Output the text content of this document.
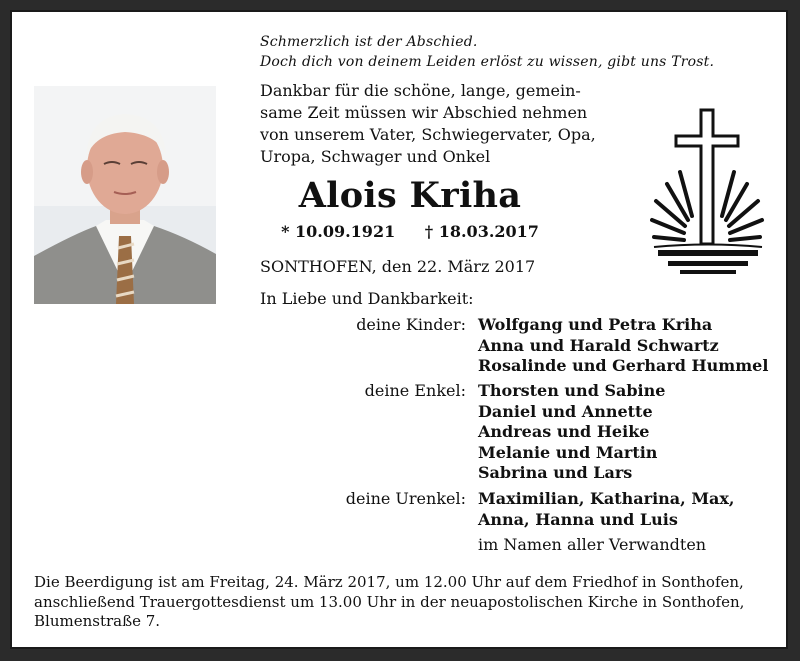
Schmerzlich ist der Abschied.
Doch dich von deinem Leiden erlöst zu wissen, gibt uns Trost.
Dankbar für die schöne, lange, gemein-
same Zeit müssen wir Abschied nehmen
von unserem Vater, Schwiegervater, Opa,
Uropa, Schwager und Onkel
Alois Kriha
* 10.09.1921 † 18.03.2017
SONTHOFEN, den 22. März 2017
In Liebe und Dankbarkeit:
deine Kinder: Wolfgang und Petra Kriha
Anna und Harald Schwartz
Rosalinde und Gerhard Hummel
deine Enkel: Thorsten und Sabine
Daniel und Annette
Andreas und Heike
Melanie und Martin
Sabrina und Lars
deine Urenkel: Maximilian, Katharina, Max,
Anna, Hanna und Luis
im Namen aller Verwandten
Die Beerdigung ist am Freitag, 24. März 2017, um 12.00 Uhr auf dem Friedhof in Sonthofen,
anschließend Trauergottesdienst um 13.00 Uhr in der neuapostolischen Kirche in Sonthofen,
Blumenstraße 7.
